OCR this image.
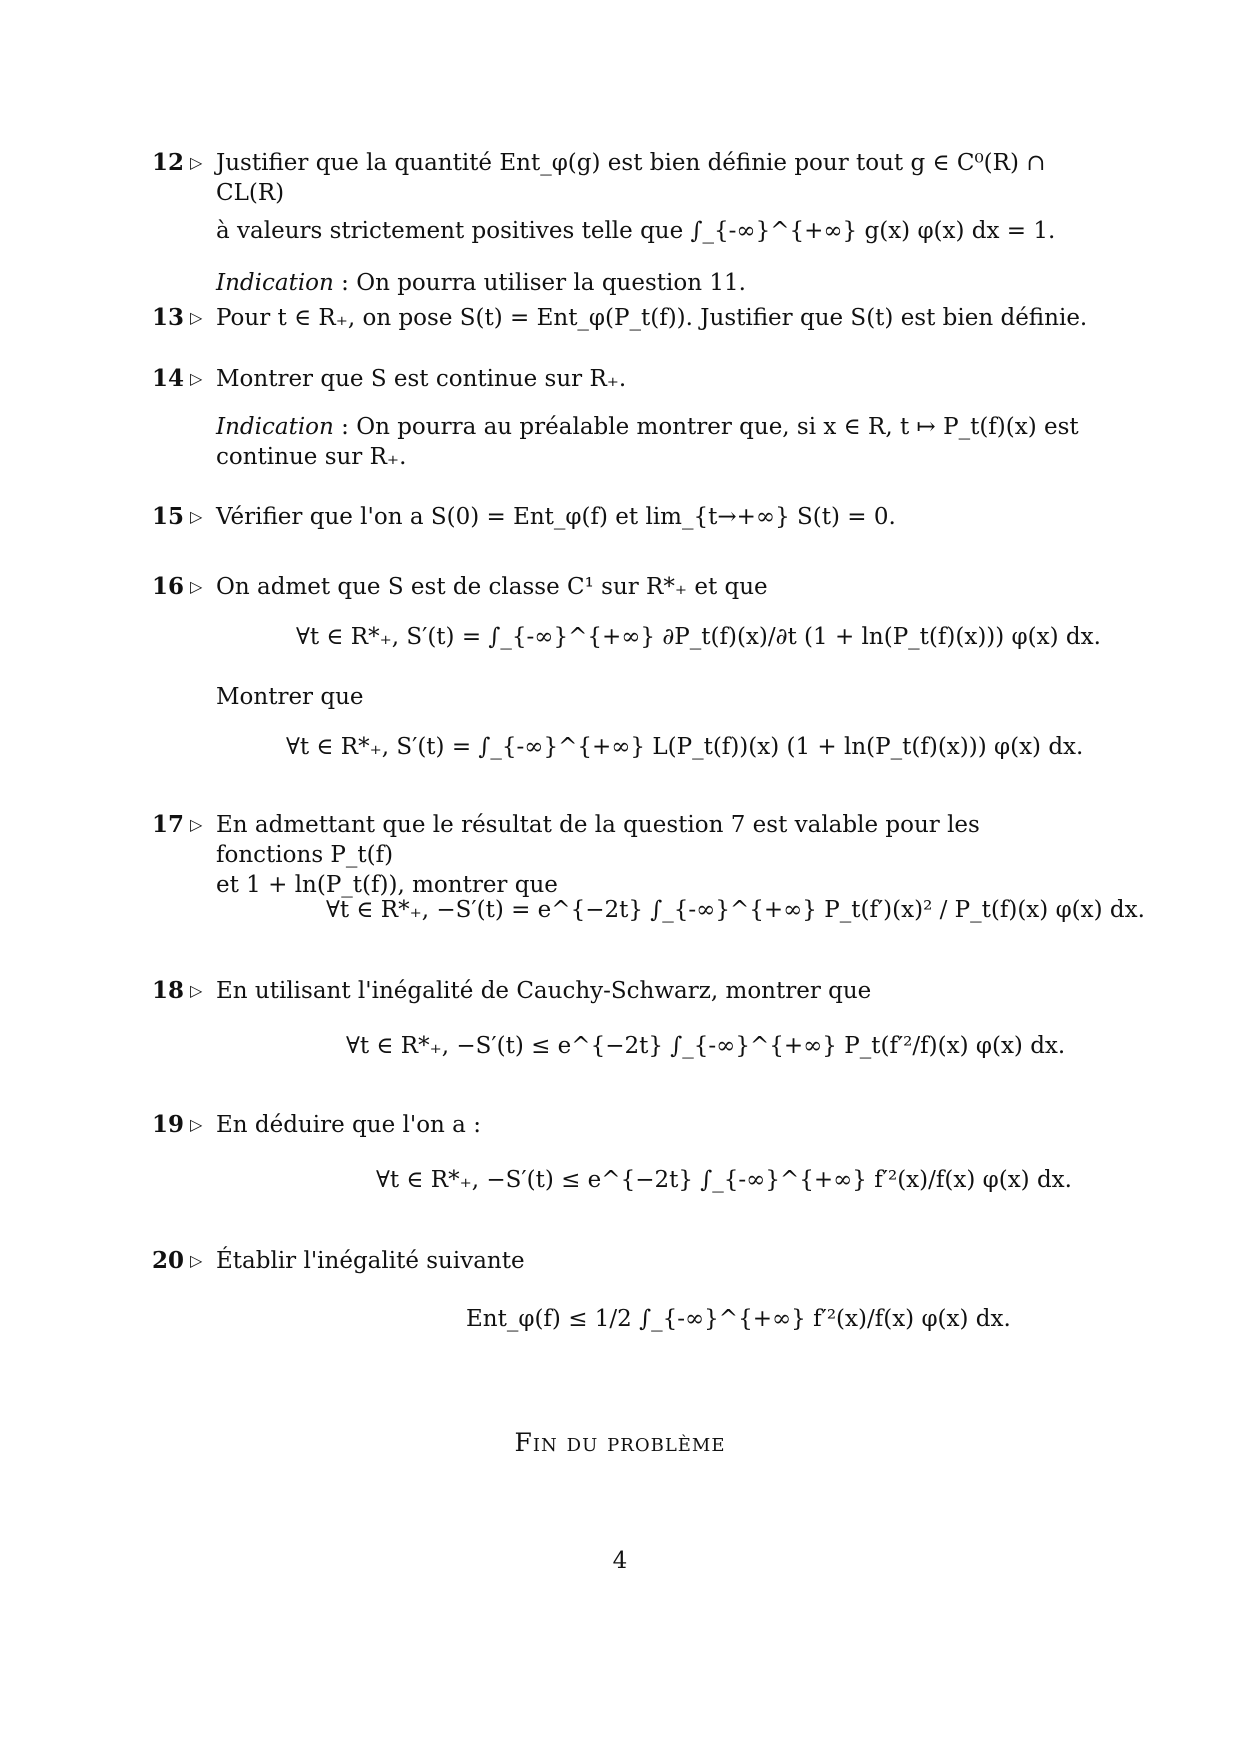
12 ▷ Justifier que la quantité Ent_φ(g) est bien définie pour tout g ∈ C⁰(R) ∩ CL(R)
à valeurs strictement positives telle que ∫_{-∞}^{+∞} g(x) φ(x) dx = 1.
Indication : On pourra utiliser la question 11.
13 ▷ Pour t ∈ R₊, on pose S(t) = Ent_φ(P_t(f)). Justifier que S(t) est bien définie.
14 ▷ Montrer que S est continue sur R₊.
Indication : On pourra au préalable montrer que, si x ∈ R, t ↦ P_t(f)(x) est continue sur R₊.
15 ▷ Vérifier que l'on a S(0) = Ent_φ(f) et lim_{t→+∞} S(t) = 0.
16 ▷ On admet que S est de classe C¹ sur R*₊ et que
∀t ∈ R*₊, S′(t) = ∫_{-∞}^{+∞} ∂P_t(f)(x)/∂t (1 + ln(P_t(f)(x))) φ(x) dx.
Montrer que
∀t ∈ R*₊, S′(t) = ∫_{-∞}^{+∞} L(P_t(f))(x) (1 + ln(P_t(f)(x))) φ(x) dx.
17 ▷ En admettant que le résultat de la question 7 est valable pour les fonctions P_t(f)
et 1 + ln(P_t(f)), montrer que
∀t ∈ R*₊, −S′(t) = e^{−2t} ∫_{-∞}^{+∞} P_t(f′)(x)² / P_t(f)(x) φ(x) dx.
18 ▷ En utilisant l'inégalité de Cauchy-Schwarz, montrer que
∀t ∈ R*₊, −S′(t) ≤ e^{−2t} ∫_{-∞}^{+∞} P_t(f′²/f)(x) φ(x) dx.
19 ▷ En déduire que l'on a :
∀t ∈ R*₊, −S′(t) ≤ e^{−2t} ∫_{-∞}^{+∞} f′²(x)/f(x) φ(x) dx.
20 ▷ Établir l'inégalité suivante
Ent_φ(f) ≤ 1/2 ∫_{-∞}^{+∞} f′²(x)/f(x) φ(x) dx.
Fin du problème
4
